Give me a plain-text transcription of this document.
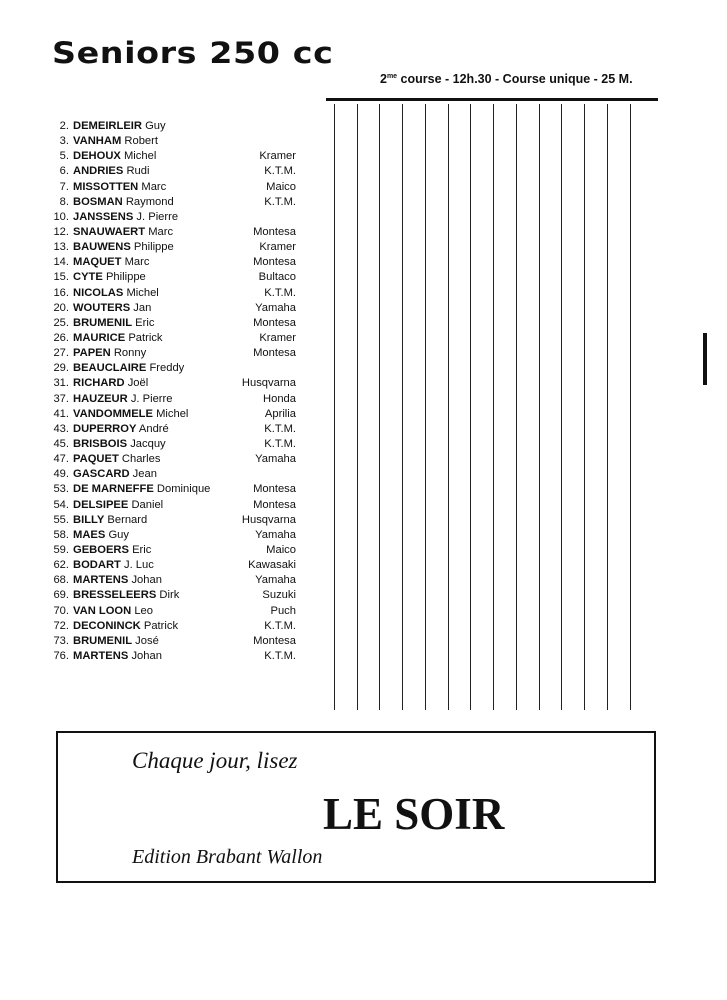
Seniors 250 cc
$2^{me}$ course - 12h.30 - Course unique - 25 M.
2. DEMEIRLEIR Guy
3. VANHAM Robert
5. DEHOUX Michel	Kramer
6. ANDRIES Rudi	K.T.M.
7. MISSOTTEN Marc	Maico
8. BOSMAN Raymond	K.T.M.
10. JANSSENS J. Pierre
12. SNAUWAERT Marc	Montesa
13. BAUWENS Philippe	Kramer
14. MAQUET Marc	Montesa
15. CYTE Philippe	Bultaco
16. NICOLAS Michel	K.T.M.
20. WOUTERS Jan	Yamaha
25. BRUMENIL Eric	Montesa
26. MAURICE Patrick	Kramer
27. PAPEN Ronny	Montesa
29. BEAUCLAIRE Freddy
31. RICHARD Joël	Husqvarna
37. HAUZEUR J. Pierre	Honda
41. VANDOMMELE Michel	Aprilia
43. DUPERROY André	K.T.M.
45. BRISBOIS Jacquy	K.T.M.
47. PAQUET Charles	Yamaha
49. GASCARD Jean
53. DE MARNEFFE Dominique	Montesa
54. DELSIPEE Daniel	Montesa
55. BILLY Bernard	Husqvarna
58. MAES Guy	Yamaha
59. GEBOERS Eric	Maico
62. BODART J. Luc	Kawasaki
68. MARTENS Johan	Yamaha
69. BRESSELEERS Dirk	Suzuki
70. VAN LOON Leo	Puch
72. DECONINCK Patrick	K.T.M.
73. BRUMENIL José	Montesa
76. MARTENS Johan	K.T.M.
Chaque jour, lisez
LE SOIR
Edition Brabant Wallon
